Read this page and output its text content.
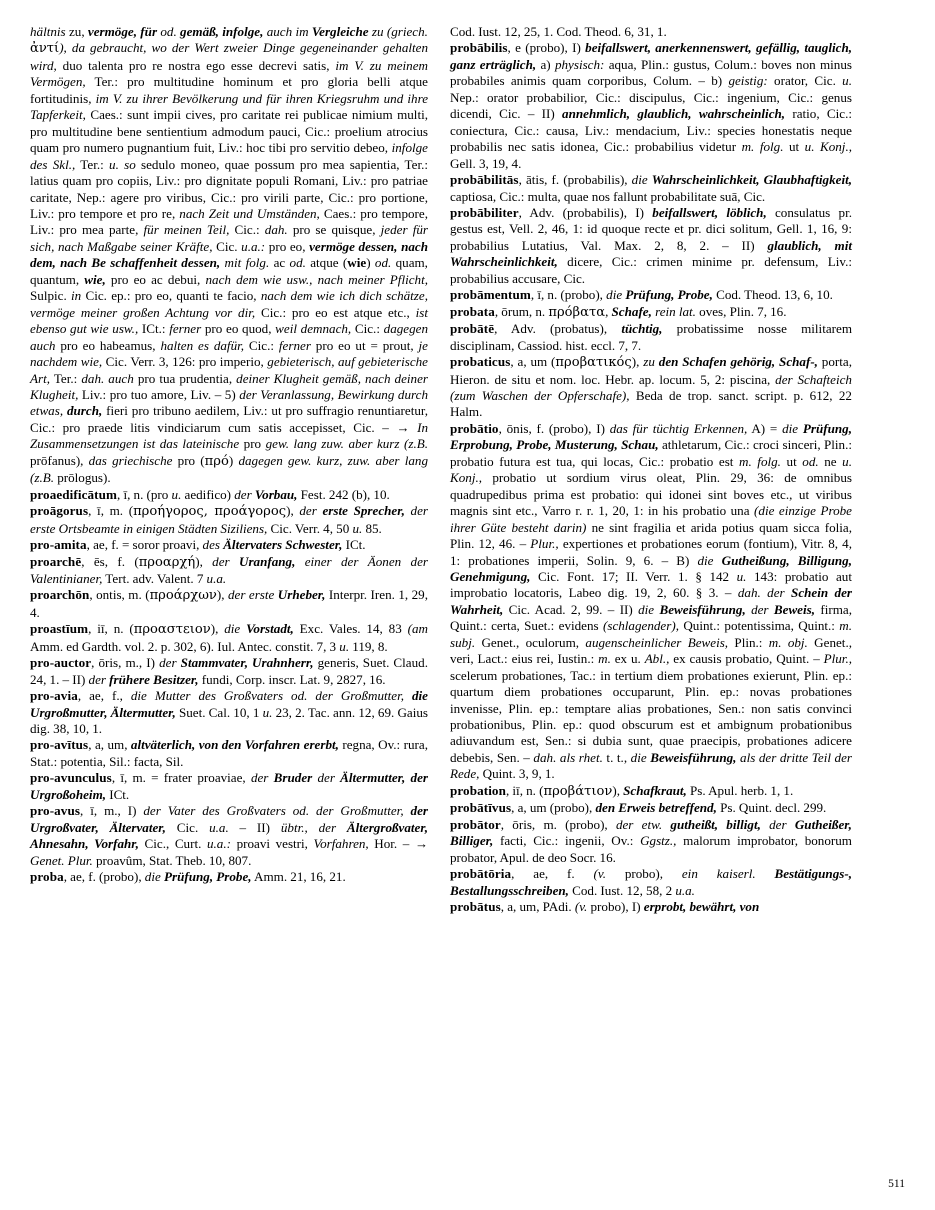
hältnis zu, vermöge, für od. gemäß, infolge, auch im Vergleiche zu (griech. ἀντί), da gebraucht, wo der Wert zweier Dinge gegeneinander gehalten wird, duo talenta pro re nostra ego esse decrevi satis, im V. zu meinem Vermögen, Ter.: pro multitudine hominum et pro gloria belli atque fortitudinis, im V. zu ihrer Bevölkerung und für ihren Kriegsruhm und ihre Tapferkeit, Caes.: sunt impii cives, pro caritate rei publicae nimium multi, pro multitudine bene sentientium admodum pauci, Cic.: proelium atrocius quam pro numero pugnantium fuit, Liv.: hoc tibi pro servitio debeo, infolge des Skl., Ter.: u. so sedulo moneo, quae possum pro mea sapientia, Ter.: latius quam pro copiis, Liv.: pro dignitate populi Romani, Liv.: pro patriae caritate, Nep.: agere pro viribus, Cic.: pro virili parte, Cic.: pro portione, Liv.: pro tempore et pro re, nach Zeit und Umständen, Caes.: pro tempore, Liv.: pro mea parte, für meinen Teil, Cic.: dah. pro se quisque, jeder für sich, nach Maßgabe seiner Kräfte, Cic. u.a.: pro eo, vermöge dessen, nach dem, nach Be schaffenheit dessen, mit folg. ac od. atque (wie) od. quam, quantum, wie, pro eo ac debui, nach dem wie usw., nach meiner Pflicht, Sulpic. in Cic. ep.: pro eo, quanti te facio, nach dem wie ich dich schätze, vermöge meiner großen Achtung vor dir, Cic.: pro eo est atque etc., ist ebenso gut wie usw., ICt.: ferner pro eo quod, weil demnach, Cic.: dagegen auch pro eo habeamus, halten es dafür, Cic.: ferner pro eo ut = prout, je nachdem wie, Cic. Verr. 3, 126: pro imperio, gebieterisch, auf gebieterische Art, Ter.: dah. auch pro tua prudentia, deiner Klugheit gemäß, nach deiner Klugheit, Liv.: pro tuo amore, Liv. – 5) der Veranlassung, Bewirkung durch etwas, durch, fieri pro tribuno aedilem, Liv.: ut pro suffragio renuntiaretur, Cic.: pro praede litis vindiciarum cum satis accepisset, Cic. – → In Zusammensetzungen ist das lateinische pro gew. lang zuw. aber kurz (z.B. prōfanus), das griechische pro (πρό) dagegen gew. kurz, zuw. aber lang (z.B. prōlogus).

proaedificātum, ī, n. (pro u. aedifico) der Vorbau, Fest. 242 (b), 10.

proāgorus, ī, m. (προήγορος, προάγορος), der erste Sprecher, der erste Ortsbeamte in einigen Städten Siziliens, Cic. Verr. 4, 50 u. 85.

pro-amita, ae, f. = soror proavi, des Ältervaters Schwester, ICt.

proarchē, ēs, f. (προαρχή), der Uranfang, einer der Äonen der Valentinianer, Tert. adv. Valent. 7 u.a.

proarchōn, ontis, m. (προάρχων), der erste Urheber, Interpr. Iren. 1, 29, 4.

proastīum, iī, n. (προαστειον), die Vorstadt, Exc. Vales. 14, 83 (am Amm. ed Gardth. vol. 2. p. 302, 6). Iul. Antec. constit. 7, 3 u. 119, 8.

pro-auctor, ōris, m., I) der Stammvater, Urahnherr, generis, Suet. Claud. 24, 1. – II) der frühere Besitzer, fundi, Corp. inscr. Lat. 9, 2827, 16.

pro-avia, ae, f., die Mutter des Großvaters od. der Großmutter, die Urgroßmutter, Ältermutter, Suet. Cal. 10, 1 u. 23, 2. Tac. ann. 12, 69. Gaius dig. 38, 10, 1.

pro-avītus, a, um, altväterlich, von den Vorfahren ererbt, regna, Ov.: rura, Stat.: potentia, Sil.: facta, Sil.

pro-avunculus, ī, m. = frater proaviae, der Bruder der Ältermutter, der Urgroßoheim, ICt.

pro-avus, ī, m., I) der Vater des Großvaters od. der Großmutter, der Urgroßvater, Ältervater, Cic. u.a. – II) übtr., der Ältergroßvater, Ahnesahn, Vorfahr, Cic., Curt. u.a.: proavi vestri, Vorfahren, Hor. – → Genet. Plur. proavûm, Stat. Theb. 10, 807.

proba, ae, f. (probo), die Prüfung, Probe, Amm. 21, 16, 21.

Cod. Iust. 12, 25, 1. Cod. Theod. 6, 31, 1.

probābilis, e (probo), I) beifallswert, anerkennenswert, gefällig, tauglich, ganz erträglich, a) physisch: aqua, Plin.: gustus, Colum.: boves non minus probabiles animis quam corporibus, Colum. – b) geistig: orator, Cic. u. Nep.: orator probabilior, Cic.: discipulus, Cic.: ingenium, Cic.: genus dicendi, Cic. – II) annehmlich, glaublich, wahrscheinlich, ratio, Cic.: coniectura, Cic.: causa, Liv.: mendacium, Liv.: species honestatis neque probabilis nec satis idonea, Cic.: probabilius videtur m. folg. ut u. Konj., Gell. 3, 19, 4.

probābilitās, ātis, f. (probabilis), die Wahrscheinlichkeit, Glaubhaftigkeit, captiosa, Cic.: multa, quae nos fallunt probabilitate suā, Cic.

probābiliter, Adv. (probabilis), I) beifallswert, löblich, consulatus pr. gestus est, Vell. 2, 46, 1: id quoque recte et pr. dici solitum, Gell. 1, 16, 9: probabilius Lutatius, Val. Max. 2, 8, 2. – II) glaublich, mit Wahrscheinlichkeit, dicere, Cic.: crimen minime pr. defensum, Liv.: probabilius accusare, Cic.

probāmentum, ī, n. (probo), die Prüfung, Probe, Cod. Theod. 13, 6, 10.

probata, ōrum, n. πρόβατα, Schafe, rein lat. oves, Plin. 7, 16.

probātē, Adv. (probatus), tüchtig, probatissime nosse militarem disciplinam, Cassiod. hist. eccl. 7, 7.

probaticus, a, um (προβατικός), zu den Schafen gehörig, Schaf-, porta, Hieron. de situ et nom. loc. Hebr. ap. locum. 5, 2: piscina, der Schafteich (zum Waschen der Opferschafe), Beda de trop. sanct. script. p. 612, 22 Halm.

probātio, ōnis, f. (probo), I) das für tüchtig Erkennen, A) = die Prüfung, Erprobung, Probe, Musterung, Schau, athletarum, Cic.: croci sinceri, Plin.: probatio futura est tua, qui locas, Cic.: probatio est m. folg. ut od. ne u. Konj., probatio ut sordium virus oleat, Plin. 29, 36: de omnibus quadrupedibus prima est probatio: qui idonei sint boves etc., ut viribus magnis sint etc., Varro r. r. 1, 20, 1: in his probatio una (die einzige Probe ihrer Güte besteht darin) ne sint fragilia et arida potius quam sicca folia, Plin. 12, 46. – Plur., expertiones et probationes eorum (fontium), Vitr. 8, 4, 1: probationes imperii, Solin. 9, 6. – B) die Gutheißung, Billigung, Genehmigung, Cic. Font. 17; II. Verr. 1. § 142 u. 143: probatio aut improbatio locatoris, Labeo dig. 19, 2, 60. § 3. – dah. der Schein der Wahrheit, Cic. Acad. 2, 99. – II) die Beweisführung, der Beweis, firma, Quint.: certa, Suet.: evidens (schlagender), Quint.: potentissima, Quint.: m. subj. Genet., oculorum, augenscheinlicher Beweis, Plin.: m. obj. Genet., veri, Lact.: eius rei, Iustin.: m. ex u. Abl., ex causis probatio, Quint. – Plur., scelerum probationes, Tac.: in tertium diem probationes exierunt, Plin. ep.: quartum diem probationes occuparunt, Plin. ep.: novas probationes invenisse, Plin. ep.: temptare alias probationes, Sen.: non satis convinci probationibus, Plin. ep.: quod obscurum est et ambignum probationibus adiuvandum est, Sen.: si dubia sunt, quae praecipis, probationes adicere debebis, Sen. – dah. als rhet. t. t., die Beweisführung, als der dritte Teil der Rede, Quint. 3, 9, 1.

probation, iī, n. (προβάτιον), Schafkraut, Ps. Apul. herb. 1, 1.

probātīvus, a, um (probo), den Erweis betreffend, Ps. Quint. decl. 299.

probātor, ōris, m. (probo), der etw. gutheißt, billigt, der Gutheißer, Billiger, facti, Cic.: ingenii, Ov.: Ggstz., malorum improbator, bonorum probator, Apul. de deo Socr. 16.

probātōria, ae, f. (v. probo), ein kaiserl. Bestätigungs-, Bestallungsschreiben, Cod. Iust. 12, 58, 2 u.a.

probātus, a, um, PAdi. (v. probo), I) erprobt, bewährt, von

511
